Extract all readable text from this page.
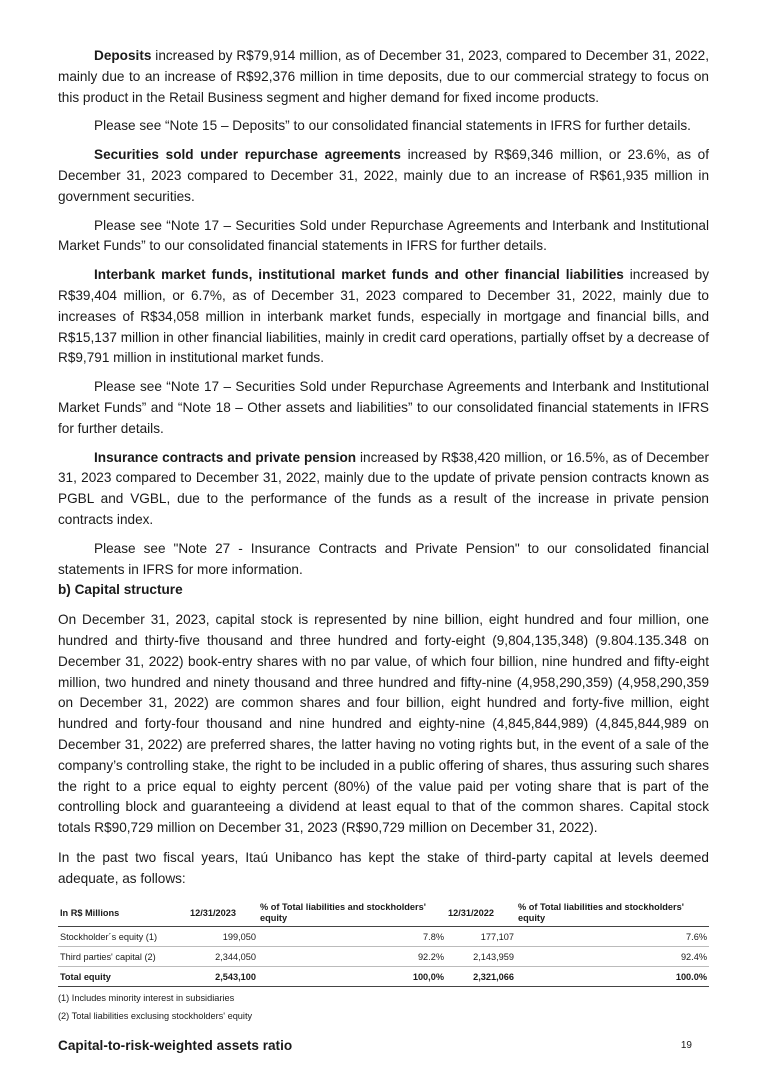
Deposits increased by R$79,914 million, as of December 31, 2023, compared to December 31, 2022, mainly due to an increase of R$92,376 million in time deposits, due to our commercial strategy to focus on this product in the Retail Business segment and higher demand for fixed income products.

Please see “Note 15 – Deposits” to our consolidated financial statements in IFRS for further details.

Securities sold under repurchase agreements increased by R$69,346 million, or 23.6%, as of December 31, 2023 compared to December 31, 2022, mainly due to an increase of R$61,935 million in government securities.

Please see “Note 17 – Securities Sold under Repurchase Agreements and Interbank and Institutional Market Funds” to our consolidated financial statements in IFRS for further details.

Interbank market funds, institutional market funds and other financial liabilities increased by R$39,404 million, or 6.7%, as of December 31, 2023 compared to December 31, 2022, mainly due to increases of R$34,058 million in interbank market funds, especially in mortgage and financial bills, and R$15,137 million in other financial liabilities, mainly in credit card operations, partially offset by a decrease of R$9,791 million in institutional market funds.

Please see “Note 17 – Securities Sold under Repurchase Agreements and Interbank and Institutional Market Funds” and “Note 18 – Other assets and liabilities” to our consolidated financial statements in IFRS for further details.

Insurance contracts and private pension increased by R$38,420 million, or 16.5%, as of December 31, 2023 compared to December 31, 2022, mainly due to the update of private pension contracts known as PGBL and VGBL, due to the performance of the funds as a result of the increase in private pension contracts index.

Please see "Note 27 - Insurance Contracts and Private Pension" to our consolidated financial statements in IFRS for more information.

b) Capital structure

On December 31, 2023, capital stock is represented by nine billion, eight hundred and four million, one hundred and thirty-five thousand and three hundred and forty-eight (9,804,135,348) (9.804.135.348 on December 31, 2022) book-entry shares with no par value, of which four billion, nine hundred and fifty-eight million, two hundred and ninety thousand and three hundred and fifty-nine (4,958,290,359) (4,958,290,359 on December 31, 2022) are common shares and four billion, eight hundred and forty-five million, eight hundred and forty-four thousand and nine hundred and eighty-nine (4,845,844,989) (4,845,844,989 on December 31, 2022) are preferred shares, the latter having no voting rights but, in the event of a sale of the company’s controlling stake, the right to be included in a public offering of shares, thus assuring such shares the right to a price equal to eighty percent (80%) of the value paid per voting share that is part of the controlling block and guaranteeing a dividend at least equal to that of the common shares. Capital stock totals R$90,729 million on December 31, 2023 (R$90,729 million on December 31, 2022).

In the past two fiscal years, Itaú Unibanco has kept the stake of third-party capital at levels deemed adequate, as follows:

In R$ Millions	12/31/2023	% of Total liabilities and stockholders' equity	12/31/2022	% of Total liabilities and stockholders' equity
Stockholder´s equity (1)	199,050	7.8%	177,107	7.6%
Third parties' capital (2)	2,344,050	92.2%	2,143,959	92.4%
Total equity	2,543,100	100,0%	2,321,066	100.0%
(1) Includes minority interest in subsidiaries
(2) Total liabilities exclusing stockholders' equity
Capital-to-risk-weighted assets ratio	19
